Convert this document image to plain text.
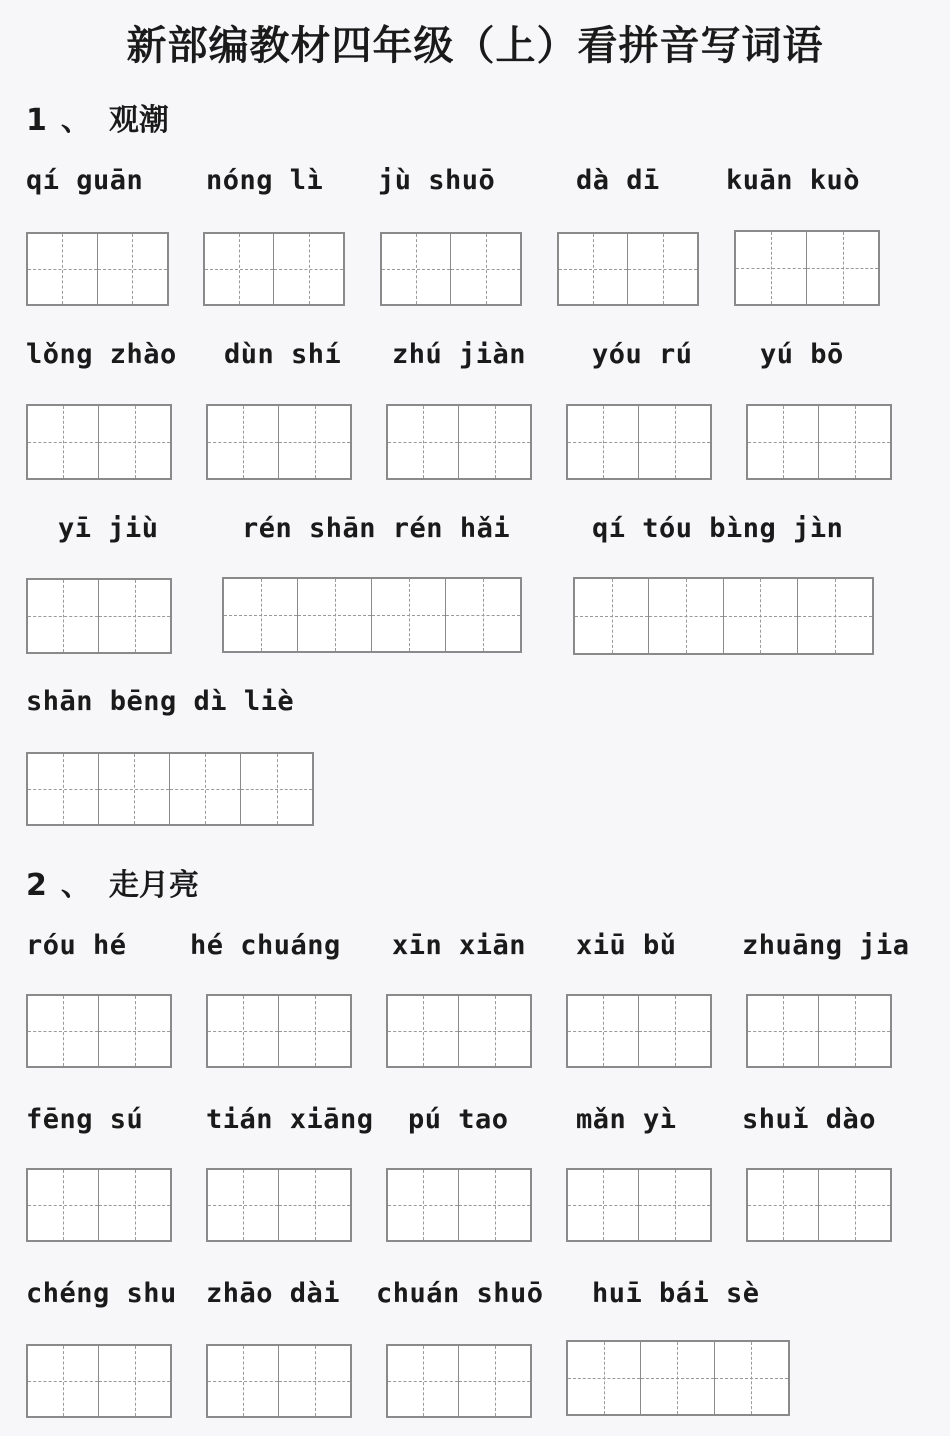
新部编教材四年级（上）看拼音写词语
1 、 观潮
2 、 走月亮
qí guān nóng lì jù shuō	dà dī kuān kuò
lǒng zhào dùn shí zhú jiàn yóu rú yú bō
yī jiù	rén shān rén hǎi	qí tóu bìng jìn
shān bēng dì liè
róu hé hé chuáng xīn xiān xiū bǔ zhuāng jia
fēng sú tián xiāng pú tao mǎn yì shuǐ dào
chéng shu zhāo dài chuán shuō huī bái sè
